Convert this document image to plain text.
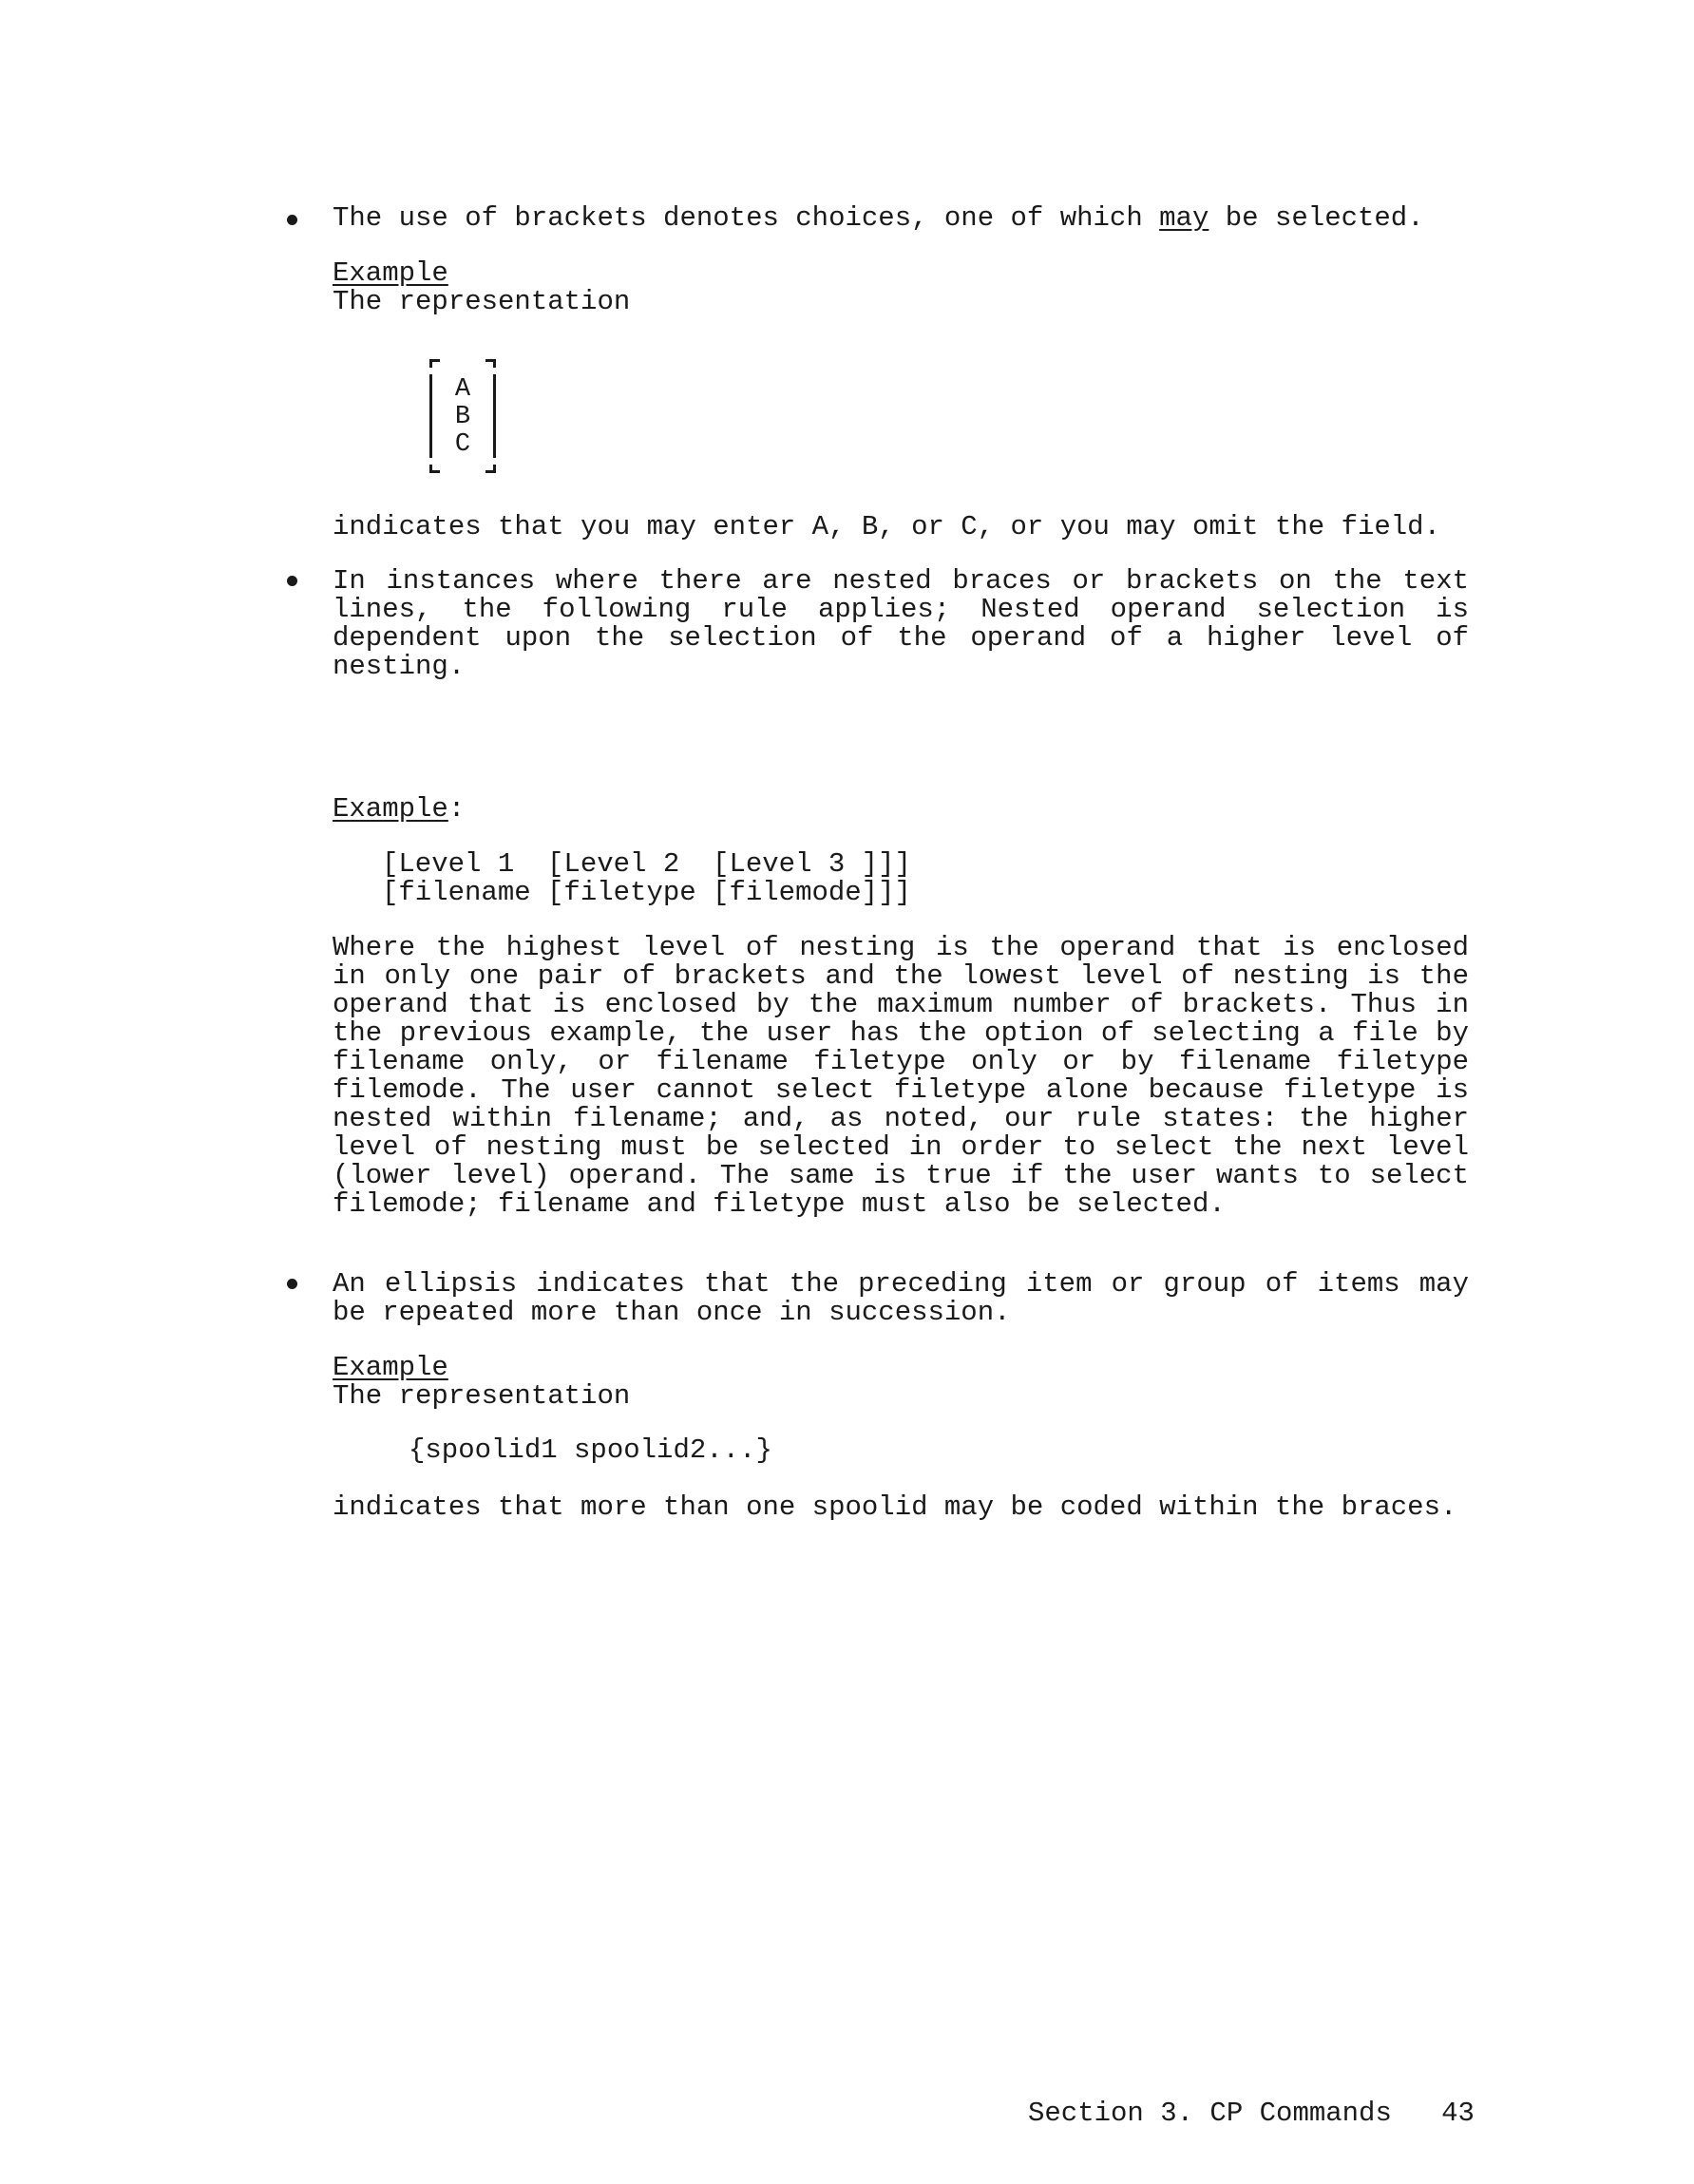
The use of brackets denotes choices, one of which may be selected.
Example
The representation
A
B
C
indicates that you may enter A, B, or C, or you may omit the field.
In instances where there are nested braces or brackets on the text lines, the following rule applies; Nested operand selection is dependent upon the selection of the operand of a higher level of nesting.
Example:
[Level 1  [Level 2  [Level 3 ]]]
[filename [filetype [filemode]]]
Where the highest level of nesting is the operand that is enclosed in only one pair of brackets and the lowest level of nesting is the operand that is enclosed by the maximum number of brackets. Thus in the previous example, the user has the option of selecting a file by filename only, or filename filetype only or by filename filetype filemode. The user cannot select filetype alone because filetype is nested within filename; and, as noted, our rule states: the higher level of nesting must be selected in order to select the next level (lower level) operand. The same is true if the user wants to select filemode; filename and filetype must also be selected.
An ellipsis indicates that the preceding item or group of items may be repeated more than once in succession.
Example
The representation
{spoolid1 spoolid2...}
indicates that more than one spoolid may be coded within the braces.
Section 3. CP Commands 43
